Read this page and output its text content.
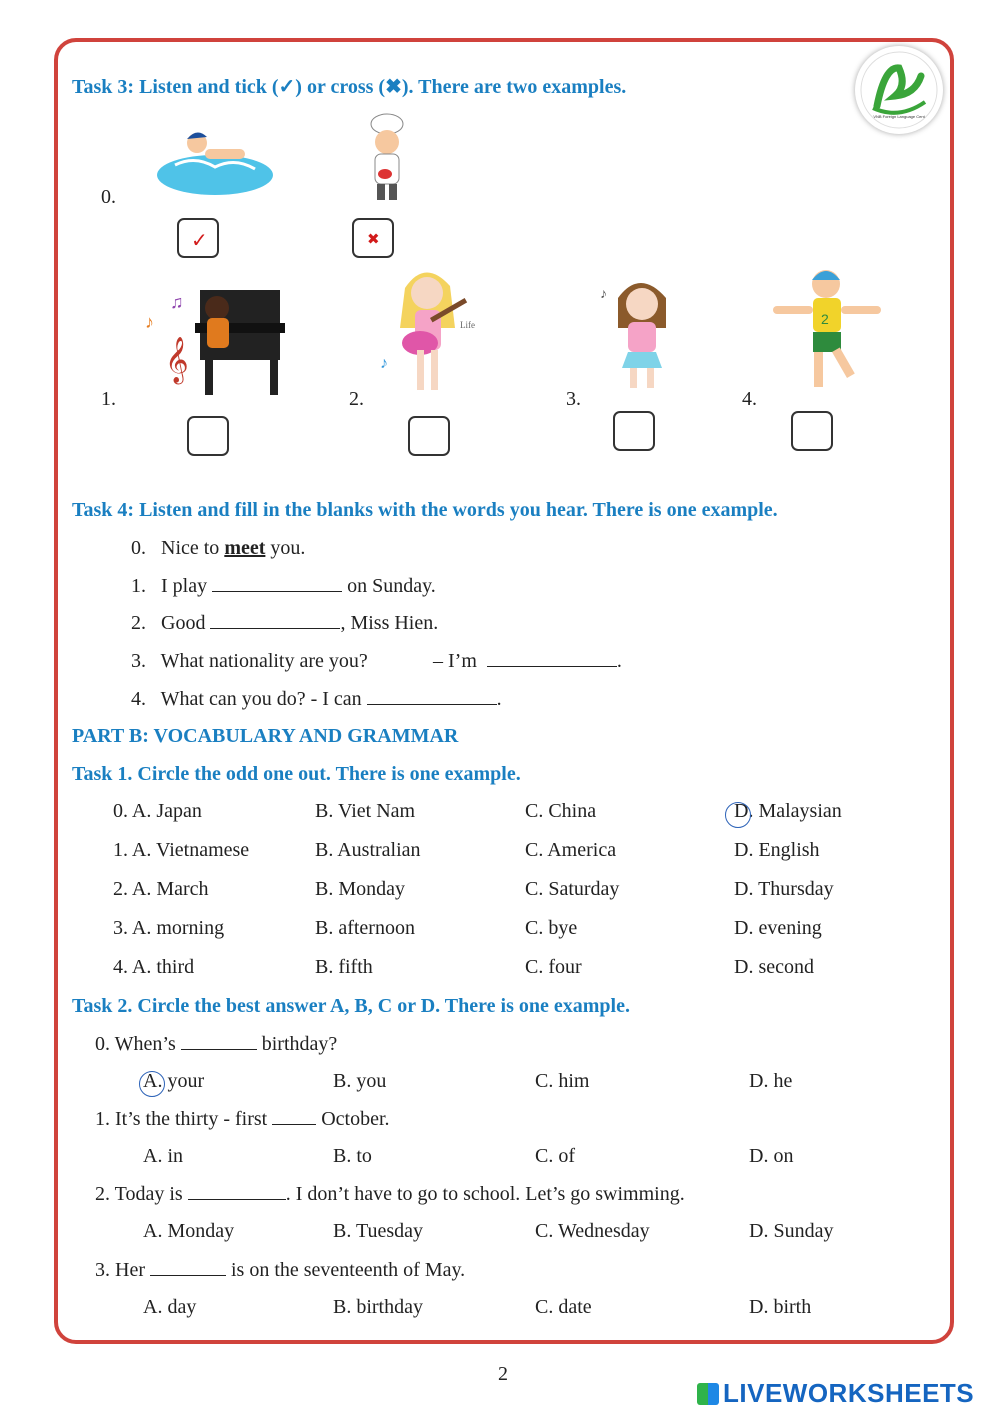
VNB Foreign Language Cent
Task 3: Listen and tick (✓) or cross (✖). There are two examples.
0.
✓	✖
𝄞
♪
♫
Life
♪
♪
2
1.	2.	3.	4.
Task 4: Listen and fill in the blanks with the words you hear. There is one example.
0. Nice to meet you.
1. I play	on Sunday.
2. Good	, Miss Hien.
3. What nationality are you?	– I’m	.
4. What can you do? - I can	.
PART B: VOCABULARY AND GRAMMAR
Task 1. Circle the odd one out. There is one example.
0. A. Japan	B. Viet Nam	C. China	D. Malaysian
1. A. Vietnamese	B. Australian	C. America	D. English
2. A. March	B. Monday	C. Saturday	D. Thursday
3. A. morning	B. afternoon	C. bye	D. evening
4. A. third	B. fifth	C. four	D. second
Task 2. Circle the best answer A, B, C or D. There is one example.
0. When’s	birthday?
A. your	B. you	C. him	D. he
1. It’s the thirty - first  October.
A. in	B. to	C. of	D. on
2. Today is	. I don’t have to go to school. Let’s go swimming.
A. Monday	B. Tuesday	C. Wednesday	D. Sunday
3. Her	is on the seventeenth of May.
A. day	B. birthday	C. date	D. birth
2
LIVEWORKSHEETS
